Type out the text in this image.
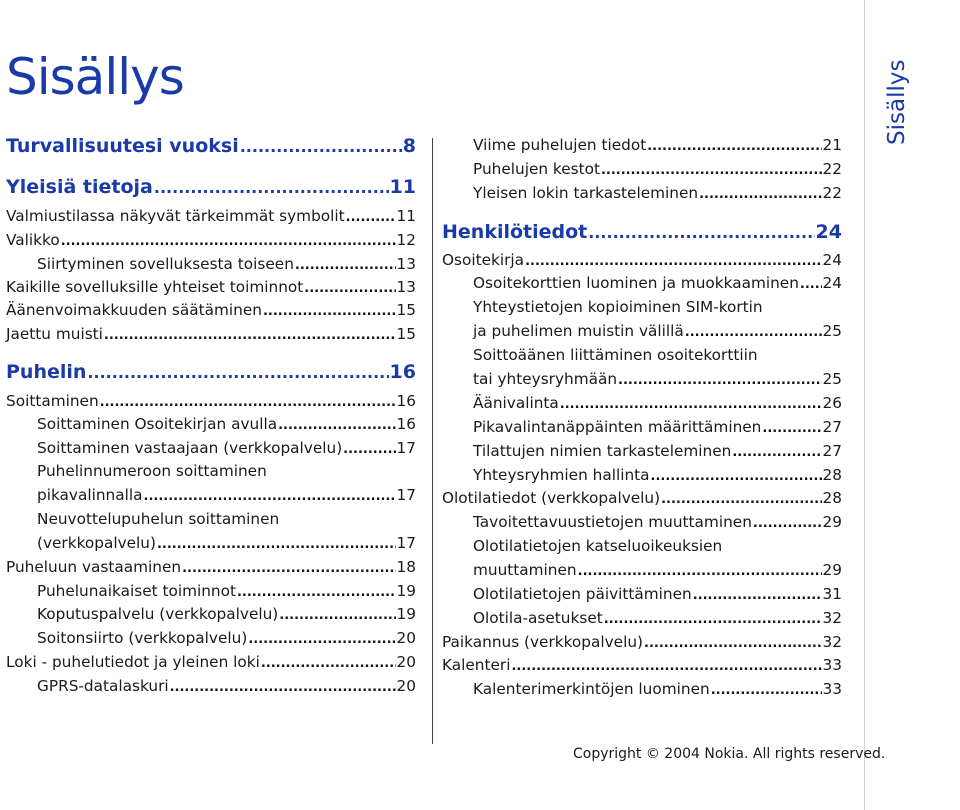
Sisällys
Turvallisuutesi vuoksi .....	8
Yleisiä tietoja .....	11
Valmiustilassa näkyvät tärkeimmät symbolit .....	11
Valikko .....	12
Siirtyminen sovelluksesta toiseen .....	13
Kaikille sovelluksille yhteiset toiminnot .....	13
Äänenvoimakkuuden säätäminen .....	15
Jaettu muisti .....	15
Puhelin .....	16
Soittaminen .....	16
Soittaminen Osoitekirjan avulla .....	16
Soittaminen vastaajaan (verkkopalvelu) .....	17
Puhelinnumeroon soittaminen
pikavalinnalla .....	17
Neuvottelupuhelun soittaminen
(verkkopalvelu) .....	17
Puheluun vastaaminen .....	18
Puhelunaikaiset toiminnot .....	19
Koputuspalvelu (verkkopalvelu) .....	19
Soitonsiirto (verkkopalvelu) .....	20
Loki - puhelutiedot ja yleinen loki .....	20
GPRS-datalaskuri .....	20
Viime puhelujen tiedot .....	21
Puhelujen kestot .....	22
Yleisen lokin tarkasteleminen .....	22
Henkilötiedot .....	24
Osoitekirja .....	24
Osoitekorttien luominen ja muokkaaminen ..... 24
Yhteystietojen kopioiminen SIM-kortin
ja puhelimen muistin välillä .....	25
Soittoäänen liittäminen osoitekorttiin
tai yhteysryhmään .....	25
Äänivalinta .....	26
Pikavalintanäppäinten määrittäminen .....	27
Tilattujen nimien tarkasteleminen .....	27
Yhteysryhmien hallinta .....	28
Olotilatiedot (verkkopalvelu) .....	28
Tavoitettavuustietojen muuttaminen .....	29
Olotilatietojen katseluoikeuksien
muuttaminen .....	29
Olotilatietojen päivittäminen .....	31
Olotila-asetukset .....	32
Paikannus (verkkopalvelu) .....	32
Kalenteri .....	33
Kalenterimerkintöjen luominen .....	33
Sisällys
Copyright © 2004 Nokia. All rights reserved.
